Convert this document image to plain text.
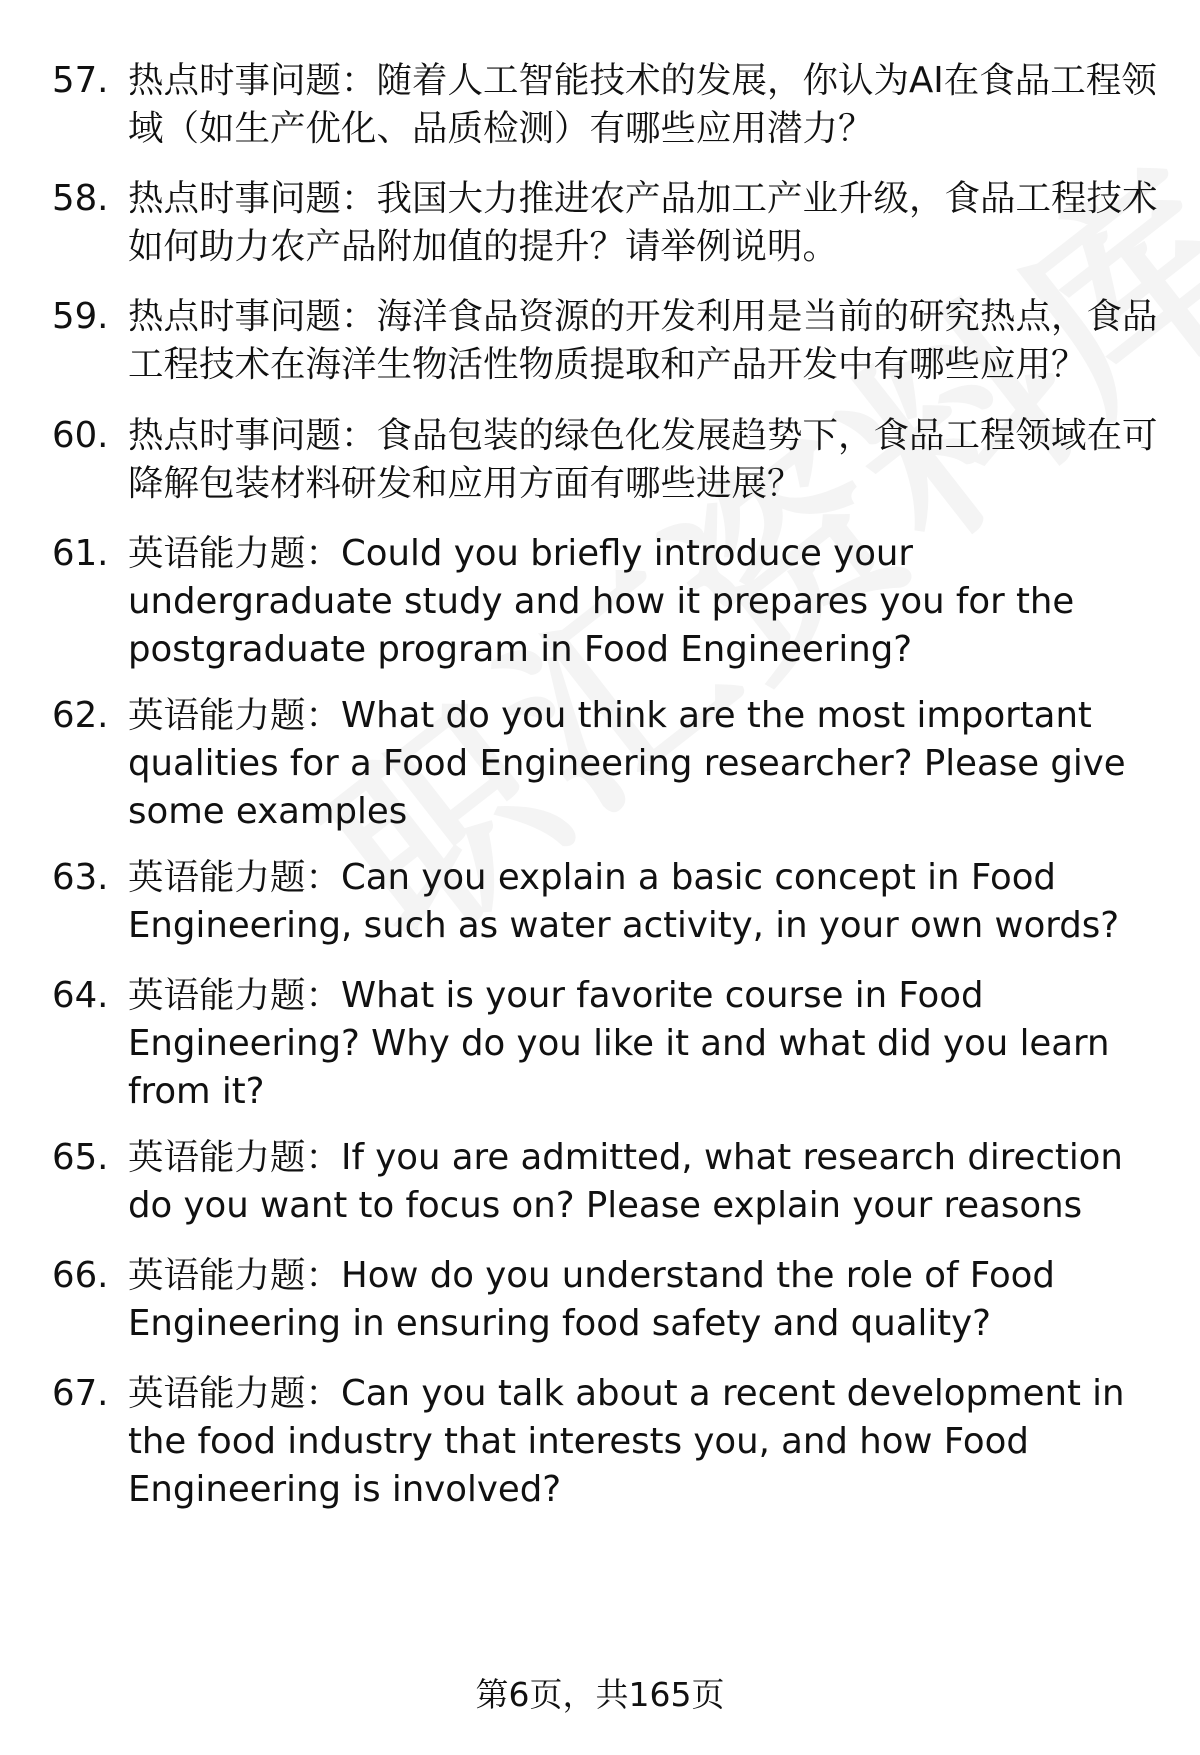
57. 热点时事问题：随着人工智能技术的发展，你认为AI在食品工程领域（如生产优化、品质检测）有哪些应用潜力？
58. 热点时事问题：我国大力推进农产品加工产业升级，食品工程技术如何助力农产品附加值的提升？请举例说明。
59. 热点时事问题：海洋食品资源的开发利用是当前的研究热点，食品工程技术在海洋生物活性物质提取和产品开发中有哪些应用？
60. 热点时事问题：食品包装的绿色化发展趋势下，食品工程领域在可降解包装材料研发和应用方面有哪些进展？
61. 英语能力题：Could you briefly introduce your undergraduate study and how it prepares you for the postgraduate program in Food Engineering?
62. 英语能力题：What do you think are the most important qualities for a Food Engineering researcher? Please give some examples
63. 英语能力题：Can you explain a basic concept in Food Engineering, such as water activity, in your own words?
64. 英语能力题：What is your favorite course in Food Engineering? Why do you like it and what did you learn from it?
65. 英语能力题：If you are admitted, what research direction do you want to focus on? Please explain your reasons
66. 英语能力题：How do you understand the role of Food Engineering in ensuring food safety and quality?
67. 英语能力题：Can you talk about a recent development in the food industry that interests you, and how Food Engineering is involved?
第6页，共165页
